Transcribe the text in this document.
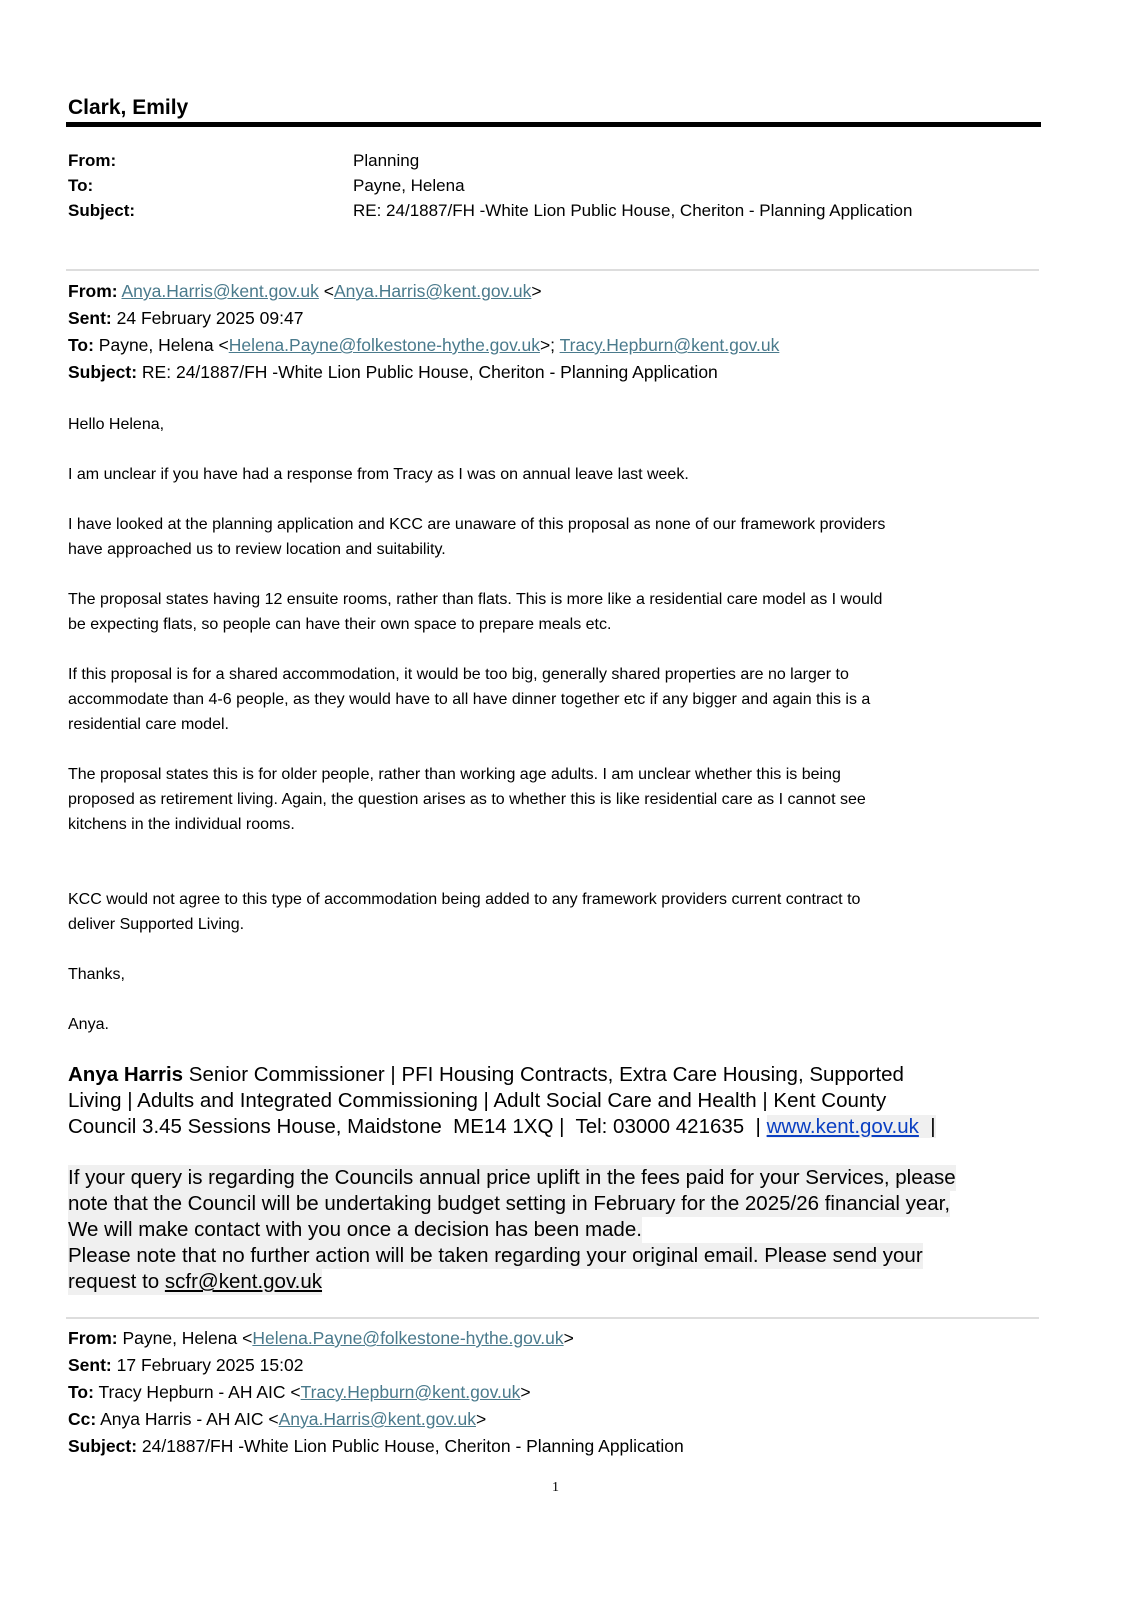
Clark, Emily
From:	Planning
To:	Payne, Helena
Subject:	RE: 24/1887/FH -White Lion Public House, Cheriton - Planning Application
From: Anya.Harris@kent.gov.uk <Anya.Harris@kent.gov.uk>
Sent: 24 February 2025 09:47
To: Payne, Helena <Helena.Payne@folkestone-hythe.gov.uk>; Tracy.Hepburn@kent.gov.uk
Subject: RE: 24/1887/FH -White Lion Public House, Cheriton - Planning Application
Hello Helena,
I am unclear if you have had a response from Tracy as I was on annual leave last week.
I have looked at the planning application and KCC are unaware of this proposal as none of our framework providers
have approached us to review location and suitability.
The proposal states having 12 ensuite rooms, rather than flats. This is more like a residential care model as I would
be expecting flats, so people can have their own space to prepare meals etc.
If this proposal is for a shared accommodation, it would be too big, generally shared properties are no larger to
accommodate than 4-6 people, as they would have to all have dinner together etc if any bigger and again this is a
residential care model.
The proposal states this is for older people, rather than working age adults. I am unclear whether this is being
proposed as retirement living. Again, the question arises as to whether this is like residential care as I cannot see
kitchens in the individual rooms.
KCC would not agree to this type of accommodation being added to any framework providers current contract to
deliver Supported Living.
Thanks,
Anya.
Anya Harris Senior Commissioner | PFI Housing Contracts, Extra Care Housing, Supported
Living | Adults and Integrated Commissioning | Adult Social Care and Health | Kent County
Council 3.45 Sessions House, Maidstone  ME14 1XQ |  Tel: 03000 421635  | www.kent.gov.uk  |
If your query is regarding the Councils annual price uplift in the fees paid for your Services, please
note that the Council will be undertaking budget setting in February for the 2025/26 financial year,
We will make contact with you once a decision has been made.
Please note that no further action will be taken regarding your original email. Please send your
request to scfr@kent.gov.uk
From: Payne, Helena <Helena.Payne@folkestone-hythe.gov.uk>
Sent: 17 February 2025 15:02
To: Tracy Hepburn - AH AIC <Tracy.Hepburn@kent.gov.uk>
Cc: Anya Harris - AH AIC <Anya.Harris@kent.gov.uk>
Subject: 24/1887/FH -White Lion Public House, Cheriton - Planning Application
1
